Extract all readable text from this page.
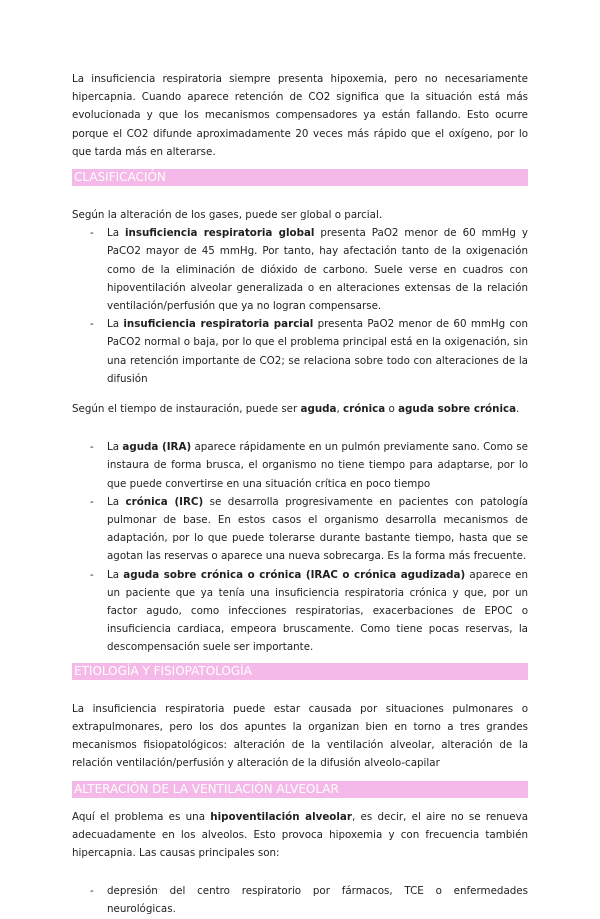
La insuficiencia respiratoria siempre presenta hipoxemia, pero no necesariamente hipercapnia. Cuando aparece retención de CO2 significa que la situación está más evolucionada y que los mecanismos compensadores ya están fallando. Esto ocurre porque el CO2 difunde aproximadamente 20 veces más rápido que el oxígeno, por lo que tarda más en alterarse.

CLASIFICACIÓN

Según la alteración de los gases, puede ser global o parcial.

- La insuficiencia respiratoria global presenta PaO2 menor de 60 mmHg y PaCO2 mayor de 45 mmHg. Por tanto, hay afectación tanto de la oxigenación como de la eliminación de dióxido de carbono. Suele verse en cuadros con hipoventilación alveolar generalizada o en alteraciones extensas de la relación ventilación/perfusión que ya no logran compensarse.
- La insuficiencia respiratoria parcial presenta PaO2 menor de 60 mmHg con PaCO2 normal o baja, por lo que el problema principal está en la oxigenación, sin una retención importante de CO2; se relaciona sobre todo con alteraciones de la difusión

Según el tiempo de instauración, puede ser aguda, crónica o aguda sobre crónica.

- La aguda (IRA) aparece rápidamente en un pulmón previamente sano. Como se instaura de forma brusca, el organismo no tiene tiempo para adaptarse, por lo que puede convertirse en una situación crítica en poco tiempo
- La crónica (IRC) se desarrolla progresivamente en pacientes con patología pulmonar de base. En estos casos el organismo desarrolla mecanismos de adaptación, por lo que puede tolerarse durante bastante tiempo, hasta que se agotan las reservas o aparece una nueva sobrecarga. Es la forma más frecuente.
- La aguda sobre crónica o crónica (IRAC o crónica agudizada) aparece en un paciente que ya tenía una insuficiencia respiratoria crónica y que, por un factor agudo, como infecciones respiratorias, exacerbaciones de EPOC o insuficiencia cardiaca, empeora bruscamente. Como tiene pocas reservas, la descompensación suele ser importante.
ETIOLOGÍA Y FISIOPATOLOGÍA

La insuficiencia respiratoria puede estar causada por situaciones pulmonares o extrapulmonares, pero los dos apuntes la organizan bien en torno a tres grandes mecanismos fisiopatológicos: alteración de la ventilación alveolar, alteración de la relación ventilación/perfusión y alteración de la difusión alveolo-capilar

ALTERACIÓN DE LA VENTILACIÓN ALVEOLAR

Aquí el problema es una hipoventilación alveolar, es decir, el aire no se renueva adecuadamente en los alveolos. Esto provoca hipoxemia y con frecuencia también hipercapnia. Las causas principales son:

- depresión del centro respiratorio por fármacos, TCE o enfermedades neurológicas.
